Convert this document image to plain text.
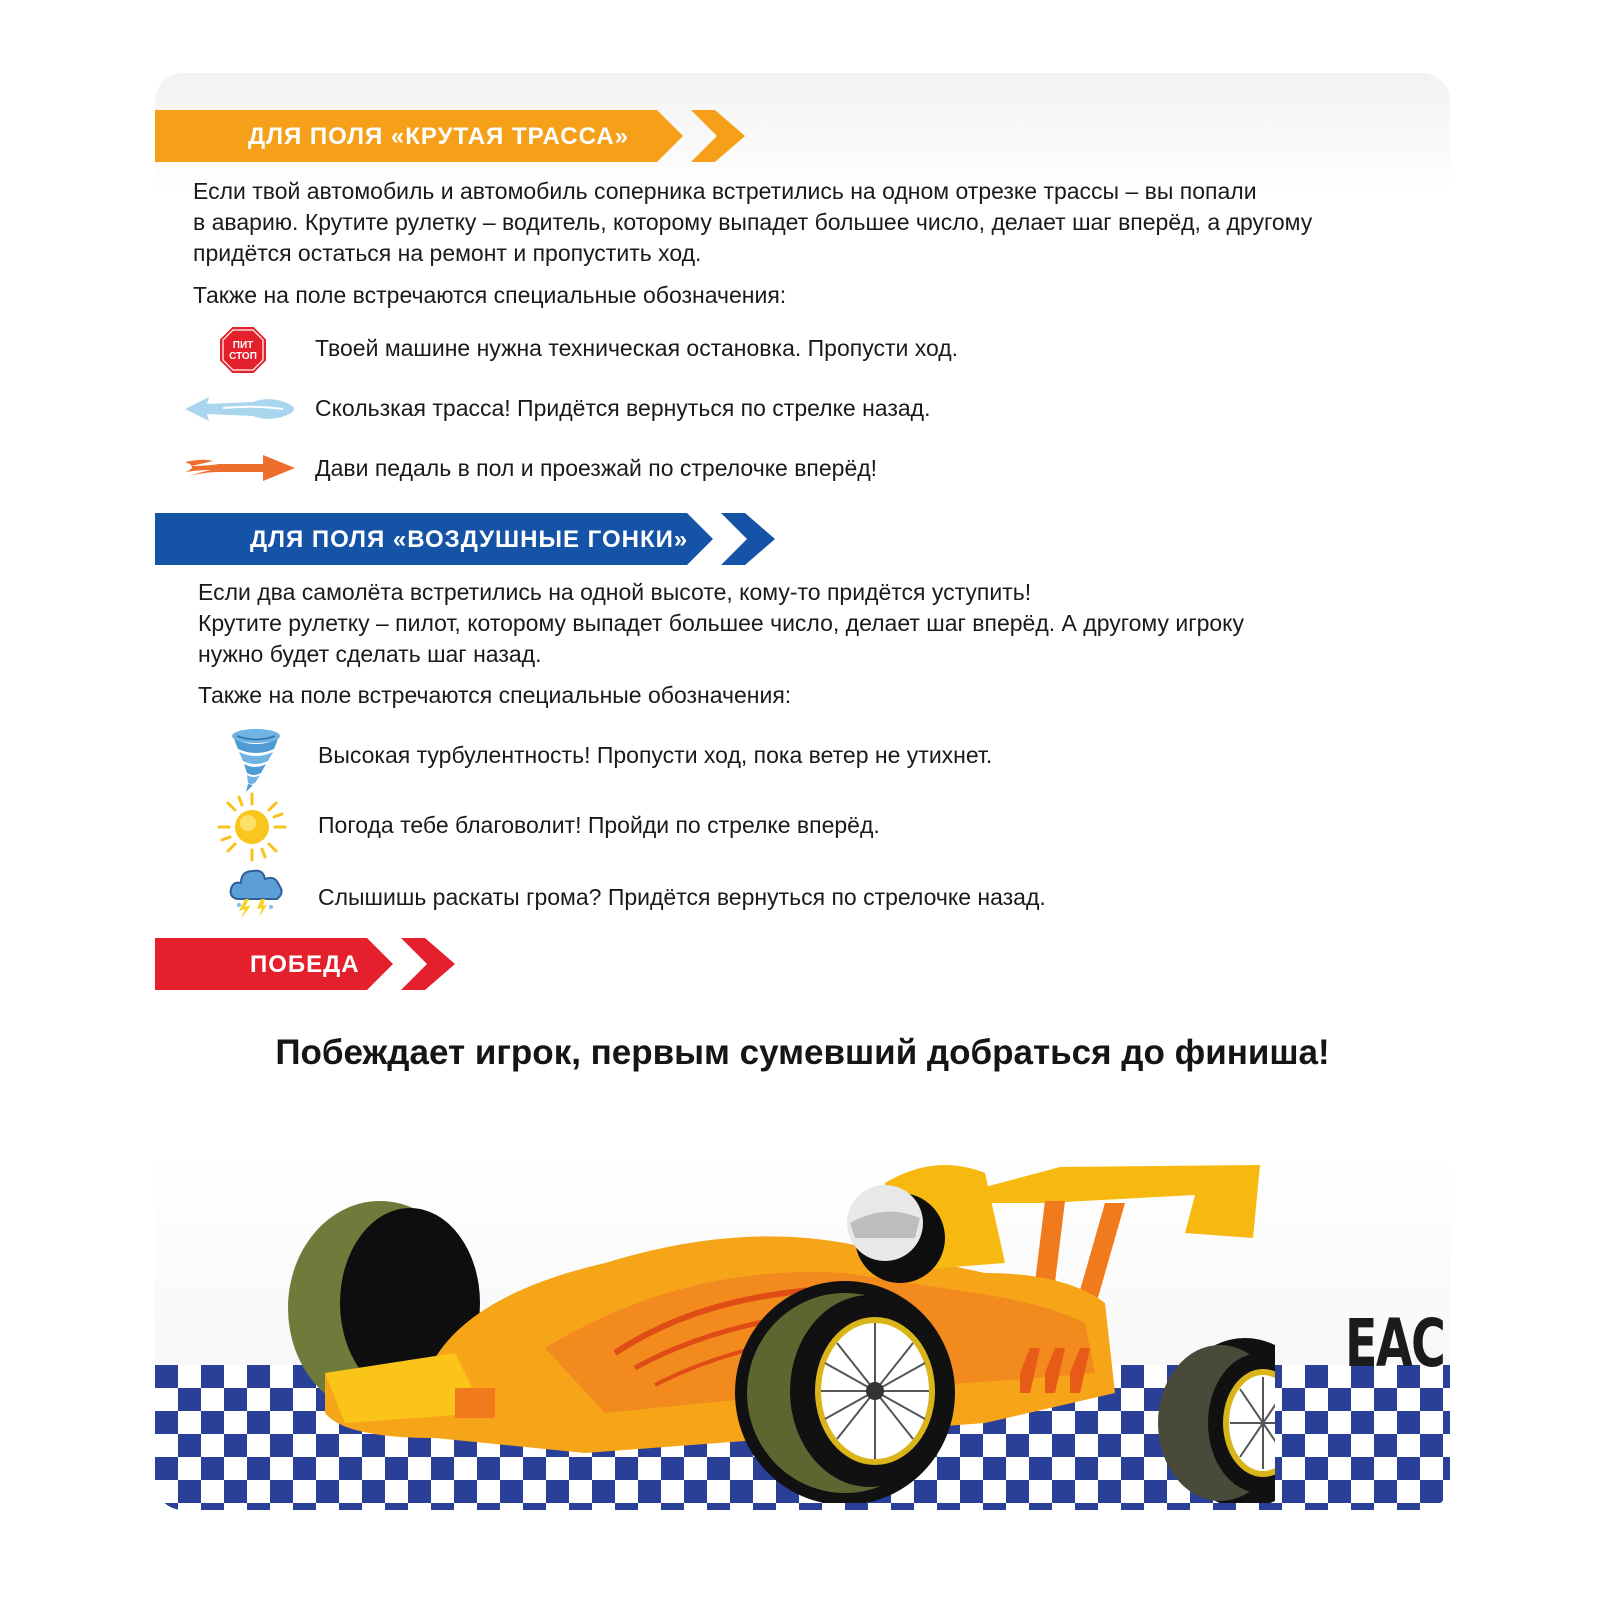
ДЛЯ ПОЛЯ «КРУТАЯ ТРАССА»

Если твой автомобиль и автомобиль соперника встретились на одном отрезке трассы – вы попали

в аварию. Крутите рулетку – водитель, которому выпадет большее число, делает шаг вперёд, а другому

придётся остаться на ремонт и пропустить ход.

Также на поле встречаются специальные обозначения:
ПИТ
СТОП	Твоей машине нужна техническая остановка. Пропусти ход.
Скользкая трасса! Придётся вернуться по стрелке назад.
Дави педаль в пол и проезжай по стрелочке вперёд!
ДЛЯ ПОЛЯ «ВОЗДУШНЫЕ ГОНКИ»

Если два самолёта встретились на одной высоте, кому-то придётся уступить!

Крутите рулетку – пилот, которому выпадет большее число, делает шаг вперёд. А другому игроку

нужно будет сделать шаг назад.

Также на поле встречаются специальные обозначения:
Высокая турбулентность! Пропусти ход, пока ветер не утихнет.
Погода тебе благоволит! Пройди по стрелке вперёд.
Слышишь раскаты грома? Придётся вернуться по стрелочке назад.
ПОБЕДА
Побеждает игрок, первым сумевший добраться до финиша!
EAC
